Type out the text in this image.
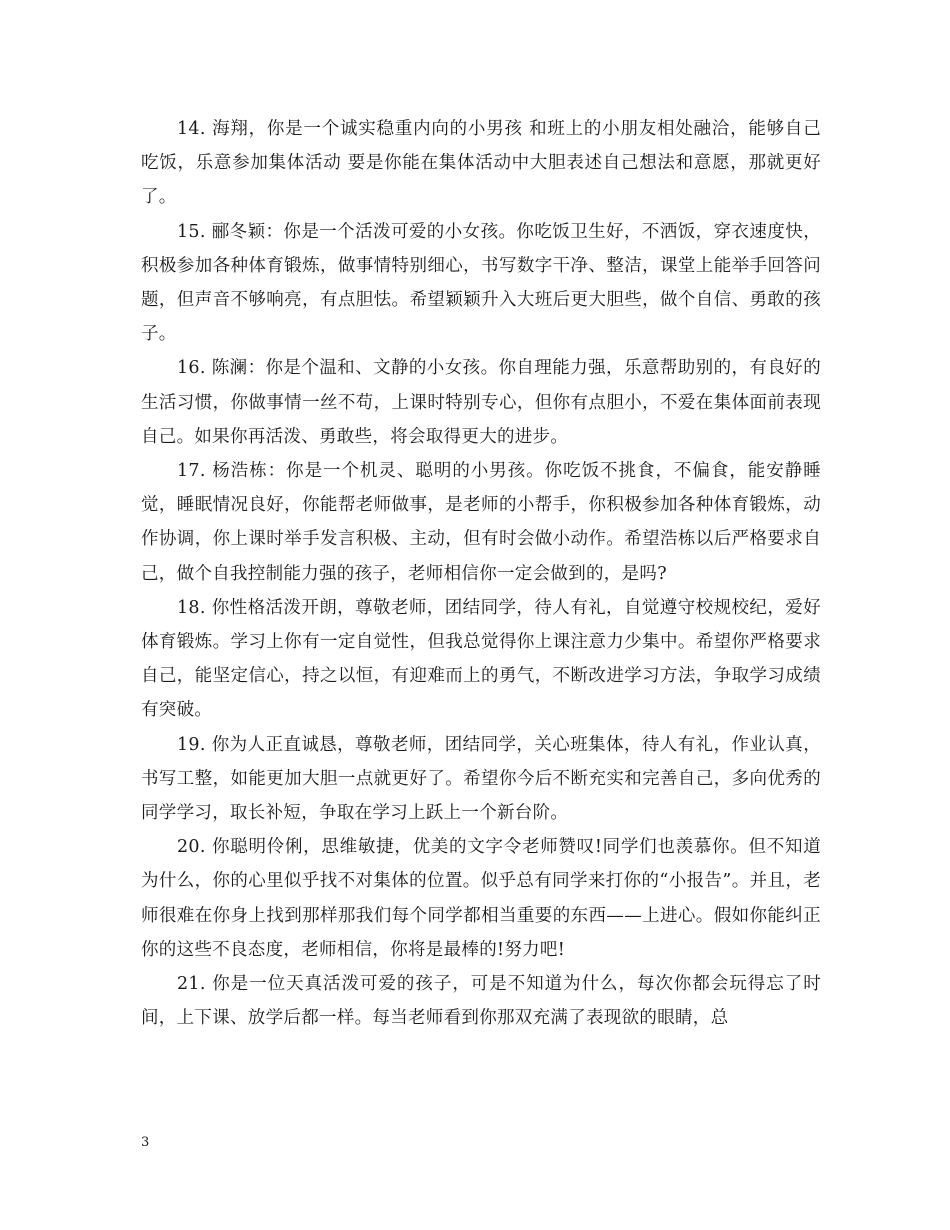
14. 海翔，你是一个诚实稳重内向的小男孩 和班上的小朋友相处融洽，能够自己吃饭，乐意参加集体活动 要是你能在集体活动中大胆表述自己想法和意愿，那就更好了。

15. 郦冬颖：你是一个活泼可爱的小女孩。你吃饭卫生好，不洒饭，穿衣速度快，积极参加各种体育锻炼，做事情特别细心，书写数字干净、整洁，课堂上能举手回答问题，但声音不够响亮，有点胆怯。希望颖颖升入大班后更大胆些，做个自信、勇敢的孩子。

16. 陈澜：你是个温和、文静的小女孩。你自理能力强，乐意帮助别的，有良好的生活习惯，你做事情一丝不苟，上课时特别专心，但你有点胆小，不爱在集体面前表现自己。如果你再活泼、勇敢些，将会取得更大的进步。

17. 杨浩栋：你是一个机灵、聪明的小男孩。你吃饭不挑食，不偏食，能安静睡觉，睡眠情况良好，你能帮老师做事，是老师的小帮手，你积极参加各种体育锻炼，动作协调，你上课时举手发言积极、主动，但有时会做小动作。希望浩栋以后严格要求自己，做个自我控制能力强的孩子，老师相信你一定会做到的，是吗?

18. 你性格活泼开朗，尊敬老师，团结同学，待人有礼，自觉遵守校规校纪，爱好体育锻炼。学习上你有一定自觉性，但我总觉得你上课注意力少集中。希望你严格要求自己，能坚定信心，持之以恒，有迎难而上的勇气，不断改进学习方法，争取学习成绩有突破。

19. 你为人正直诚恳，尊敬老师，团结同学，关心班集体，待人有礼，作业认真，书写工整，如能更加大胆一点就更好了。希望你今后不断充实和完善自己，多向优秀的同学学习，取长补短，争取在学习上跃上一个新台阶。

20. 你聪明伶俐，思维敏捷，优美的文字令老师赞叹!同学们也羡慕你。但不知道为什么，你的心里似乎找不对集体的位置。似乎总有同学来打你的“小报告”。并且，老师很难在你身上找到那样那我们每个同学都相当重要的东西——上进心。假如你能纠正你的这些不良态度，老师相信，你将是最棒的!努力吧!

21. 你是一位天真活泼可爱的孩子，可是不知道为什么，每次你都会玩得忘了时间，上下课、放学后都一样。每当老师看到你那双充满了表现欲的眼睛，总

3
